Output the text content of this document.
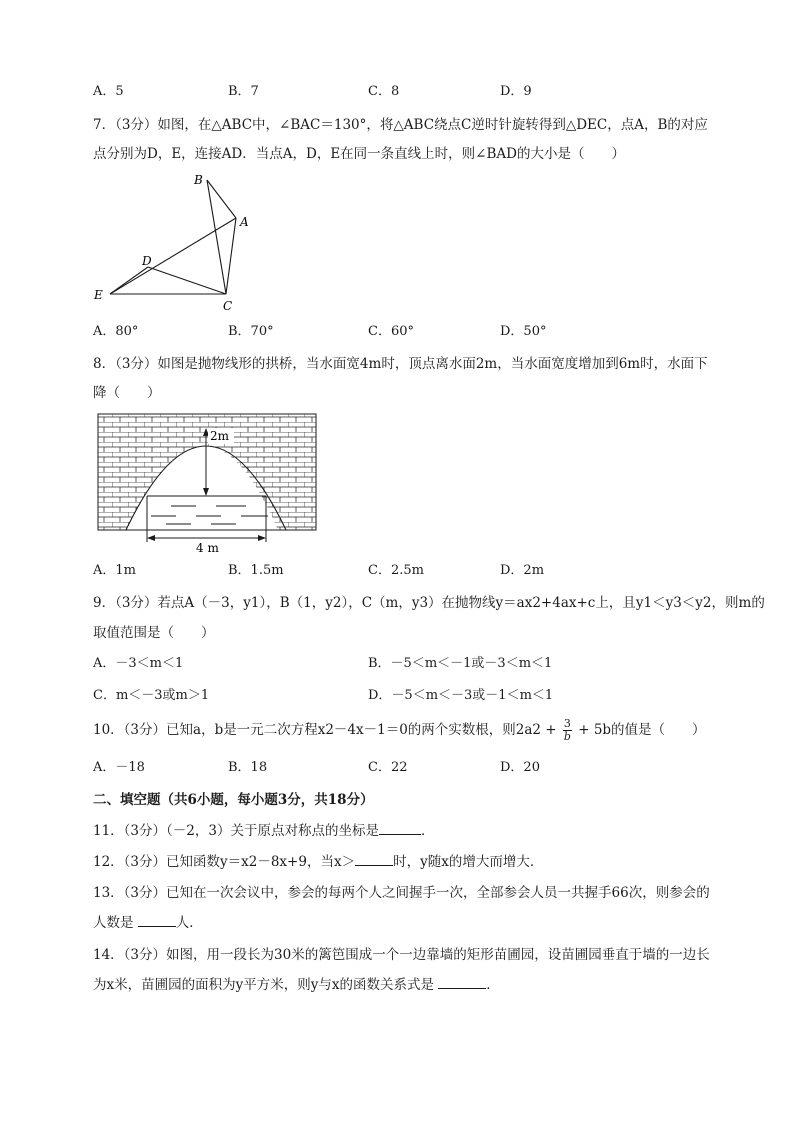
A．5	B．7	C．8	D．9
7．（3分）如图，在△ABC中，∠BAC＝130°，将△ABC绕点C逆时针旋转得到△DEC，点A，B的对应
点分别为D，E，连接AD．当点A，D，E在同一条直线上时，则∠BAD的大小是（　　）
B
A
D
E
C
A．80°	B．70°	C．60°	D．50°
8．（3分）如图是抛物线形的拱桥，当水面宽4m时，顶点离水面2m，当水面宽度增加到6m时，水面下
降（　　）
2m
4 m
A．1m	B．1.5m	C．2.5m	D．2m
9．（3分）若点A（－3，y1），B（1，y2），C（m，y3）在抛物线y＝ax2+4ax+c上，且y1＜y3＜y2，则m的
取值范围是（　　）
A．－3＜m＜1	B．－5＜m＜－1或－3＜m＜1
C．m＜－3或m＞1	D．－5＜m＜－3或－1＜m＜1
10．（3分）已知a，b是一元二次方程x2－4x－1＝0的两个实数根，则$2a2 + \frac{3}{b} + 5b$的值是（　　）
A．－18	B．18	C．22	D．20
二、填空题（共6小题，每小题3分，共18分）
11．（3分）（－2，3）关于原点对称点的坐标是	．
12．（3分）已知函数y＝x2－8x+9，当x＞	时，y随x的增大而增大．
13．（3分）已知在一次会议中，参会的每两个人之间握手一次，全部参会人员一共握手66次，则参会的
人数是	人．
14．（3分）如图，用一段长为30米的篱笆围成一个一边靠墙的矩形苗圃园，设苗圃园垂直于墙的一边长
为x米，苗圃园的面积为y平方米，则y与x的函数关系式是	．
